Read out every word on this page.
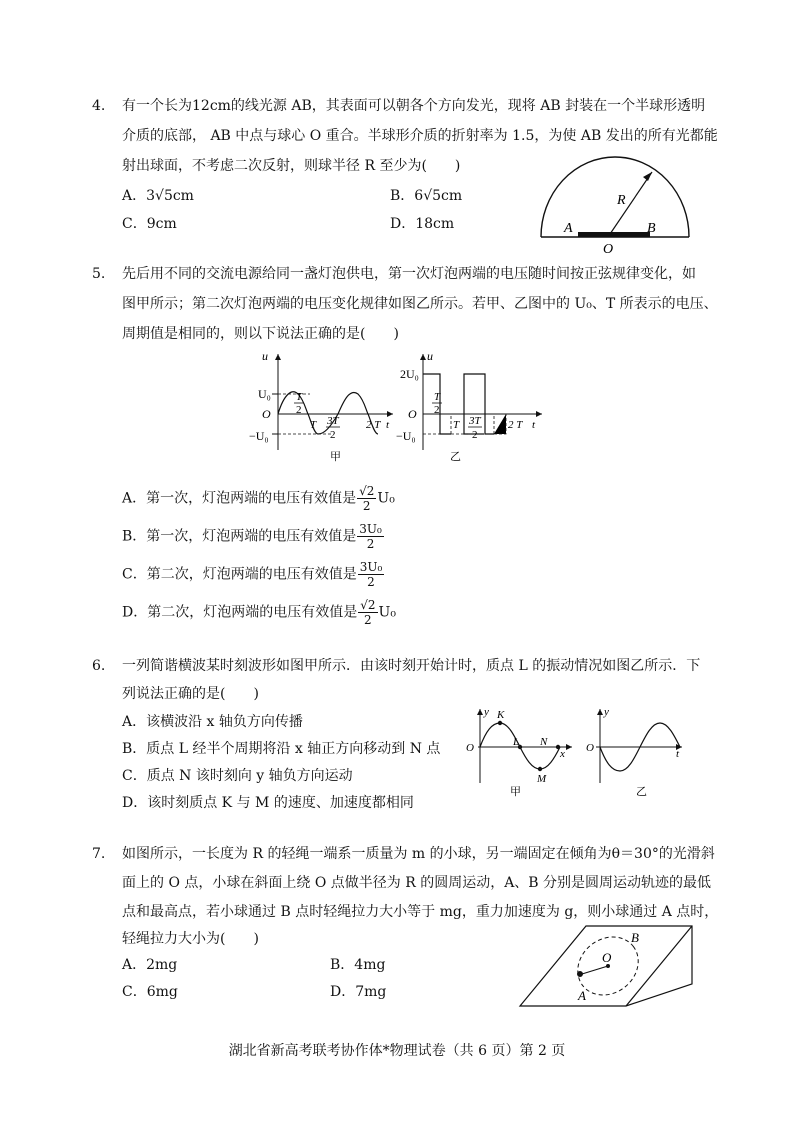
4. 有一个长为12cm的线光源 AB，其表面可以朝各个方向发光，现将 AB 封装在一个半球形透明
介质的底部， AB 中点与球心 O 重合。半球形介质的折射率为 1.5，为使 AB 发出的所有光都能
射出球面，不考虑二次反射，则球半径 R 至少为(　　)
A．3√5cm	B．6√5cm
C．9cm	D．18cm
R
A	B
O
5. 先后用不同的交流电源给同一盏灯泡供电，第一次灯泡两端的电压随时间按正弦规律变化，如
图甲所示；第二次灯泡两端的电压变化规律如图乙所示。若甲、乙图中的 U₀、T 所表示的电压、
周期值是相同的，则以下说法正确的是(　　)
u
U₀
O
−U₀
T
2
T 3T
2
2 T t
甲
u
2U₀
O
−U₀
T
2
T 3T
2
2 T t
乙
A．第一次，灯泡两端的电压有效值是 $\frac{√2}{2} U_0$
B．第一次，灯泡两端的电压有效值是 $\frac{\text{3U₀}}{2}$
C．第二次，灯泡两端的电压有效值是 $\frac{\text{3U₀}}{2}$
D．第二次，灯泡两端的电压有效值是 $\frac{√2}{2} U_0$
6. 一列简谐横波某时刻波形如图甲所示．由该时刻开始计时，质点 L 的振动情况如图乙所示．下
列说法正确的是(　　)
A．该横波沿 x 轴负方向传播
B．质点 L 经半个周期将沿 x 轴正方向移动到 N 点
C．质点 N 该时刻向 y 轴负方向运动
D．该时刻质点 K 与 M 的速度、加速度都相同
y K
L N
M
O	x
甲
y
O	t
乙
7. 如图所示，一长度为 R 的轻绳一端系一质量为 m 的小球，另一端固定在倾角为θ＝30°的光滑斜
面上的 O 点，小球在斜面上绕 O 点做半径为 R 的圆周运动，A、B 分别是圆周运动轨迹的最低
点和最高点，若小球通过 B 点时轻绳拉力大小等于 mg，重力加速度为 g，则小球通过 A 点时，
轻绳拉力大小为(　　)
A．2mg	B．4mg
C．6mg	D．7mg
B
O
A
湖北省新高考联考协作体*物理试卷（共 6 页）第 2 页
